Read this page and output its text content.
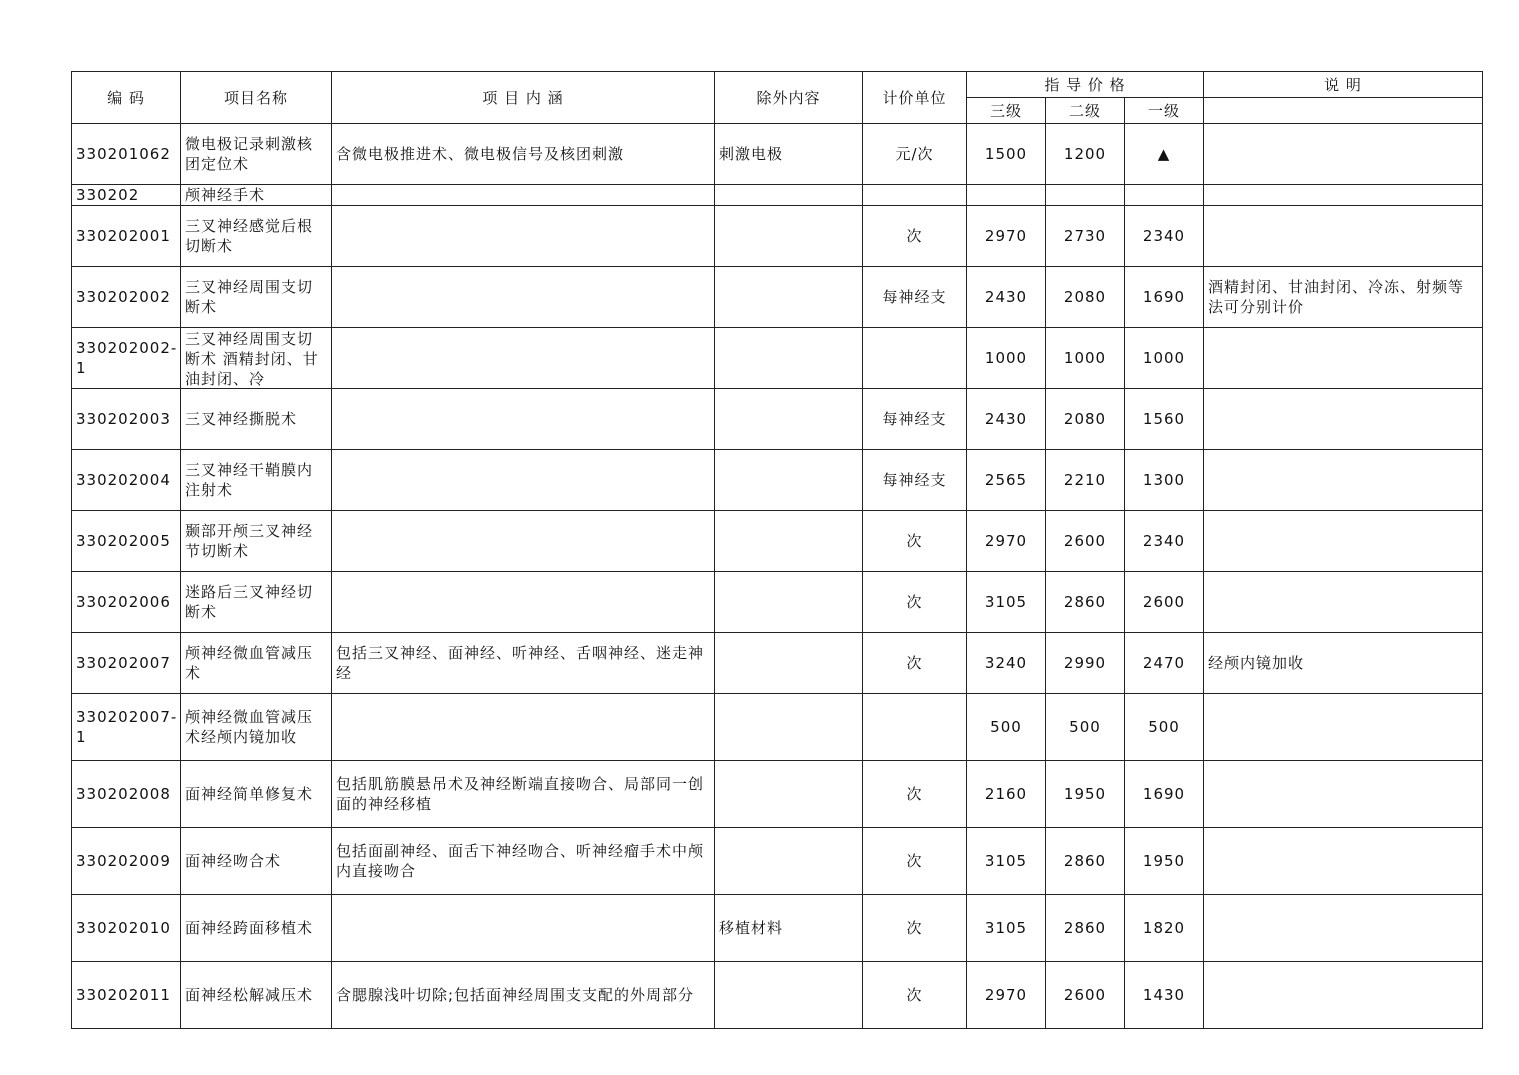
编 码	项目名称	项 目 内 涵	除外内容	计价单位	指 导 价 格			说 明
					三级	二级	一级	
330201062	微电极记录刺激核团定位术	含微电极推进术、微电极信号及核团刺激	刺激电极	元/次	1500	1200	▲	
330202	颅神经手术							
330202001	三叉神经感觉后根切断术			次	2970	2730	2340	
330202002	三叉神经周围支切断术			每神经支	2430	2080	1690	酒精封闭、甘油封闭、冷冻、射频等法可分别计价
330202002-1	三叉神经周围支切断术 酒精封闭、甘油封闭、冷				1000	1000	1000	
330202003	三叉神经撕脱术			每神经支	2430	2080	1560	
330202004	三叉神经干鞘膜内注射术			每神经支	2565	2210	1300	
330202005	颞部开颅三叉神经节切断术			次	2970	2600	2340	
330202006	迷路后三叉神经切断术			次	3105	2860	2600	
330202007	颅神经微血管减压术	包括三叉神经、面神经、听神经、舌咽神经、迷走神经		次	3240	2990	2470	经颅内镜加收
330202007-1	颅神经微血管减压术经颅内镜加收				500	500	500	
330202008	面神经简单修复术	包括肌筋膜悬吊术及神经断端直接吻合、局部同一创面的神经移植		次	2160	1950	1690	
330202009	面神经吻合术	包括面副神经、面舌下神经吻合、听神经瘤手术中颅内直接吻合		次	3105	2860	1950	
330202010	面神经跨面移植术		移植材料	次	3105	2860	1820	
330202011	面神经松解减压术	含腮腺浅叶切除;包括面神经周围支支配的外周部分		次	2970	2600	1430	
